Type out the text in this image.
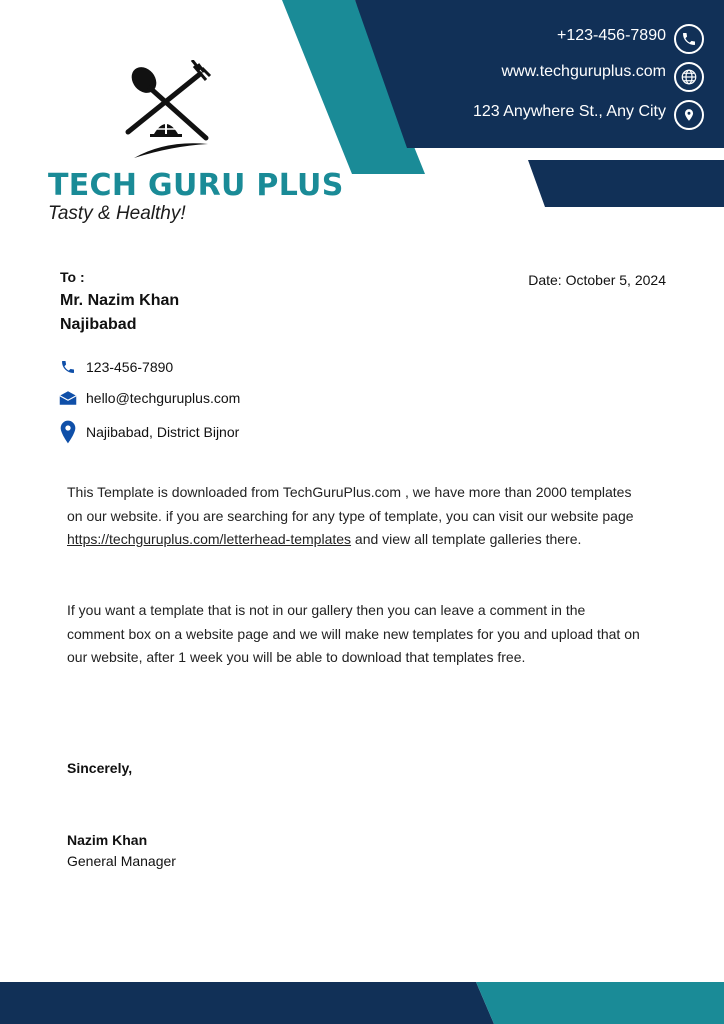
TECH GURU PLUS
Tasty & Healthy!
+123-456-7890
www.techguruplus.com
123 Anywhere St., Any City
To :
Mr. Nazim Khan
Najibabad
Date: October 5, 2024
123-456-7890
hello@techguruplus.com
Najibabad, District Bijnor
This Template is downloaded from TechGuruPlus.com , we have more than 2000 templates on our website. if you are searching for any type of template, you can visit our website page https://techguruplus.com/letterhead-templates and view all template galleries there.
If you want a template that is not in our gallery then you can leave a comment in the comment box on a website page and we will make new templates for you and upload that on our website, after 1 week you will be able to download that templates free.
Sincerely,
Nazim Khan
General Manager
